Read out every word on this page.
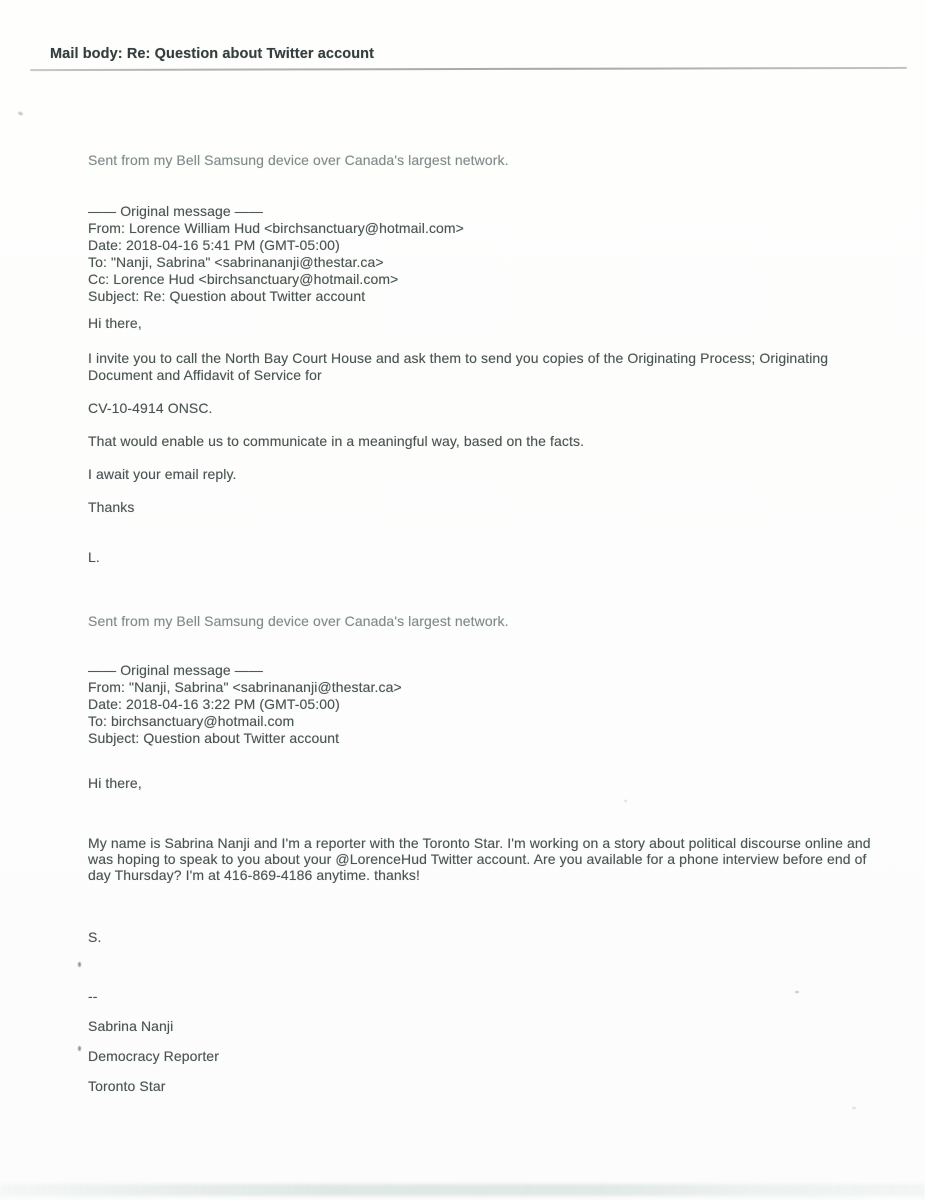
Mail body: Re: Question about Twitter account
Sent from my Bell Samsung device over Canada's largest network.
—— Original message ——
From: Lorence William Hud <birchsanctuary@hotmail.com>
Date: 2018-04-16 5:41 PM (GMT-05:00)
To: "Nanji, Sabrina" <sabrinananji@thestar.ca>
Cc: Lorence Hud <birchsanctuary@hotmail.com>
Subject: Re: Question about Twitter account
Hi there,
I invite you to call the North Bay Court House and ask them to send you copies of the Originating Process; Originating
Document and Affidavit of Service for
CV-10-4914 ONSC.
That would enable us to communicate in a meaningful way, based on the facts.
I await your email reply.
Thanks
L.
Sent from my Bell Samsung device over Canada's largest network.
—— Original message ——
From: "Nanji, Sabrina" <sabrinananji@thestar.ca>
Date: 2018-04-16 3:22 PM (GMT-05:00)
To: birchsanctuary@hotmail.com
Subject: Question about Twitter account
Hi there,
My name is Sabrina Nanji and I'm a reporter with the Toronto Star. I'm working on a story about political discourse online and
was hoping to speak to you about your @LorenceHud Twitter account. Are you available for a phone interview before end of
day Thursday? I'm at 416-869-4186 anytime. thanks!
S.
--
Sabrina Nanji
Democracy Reporter
Toronto Star
